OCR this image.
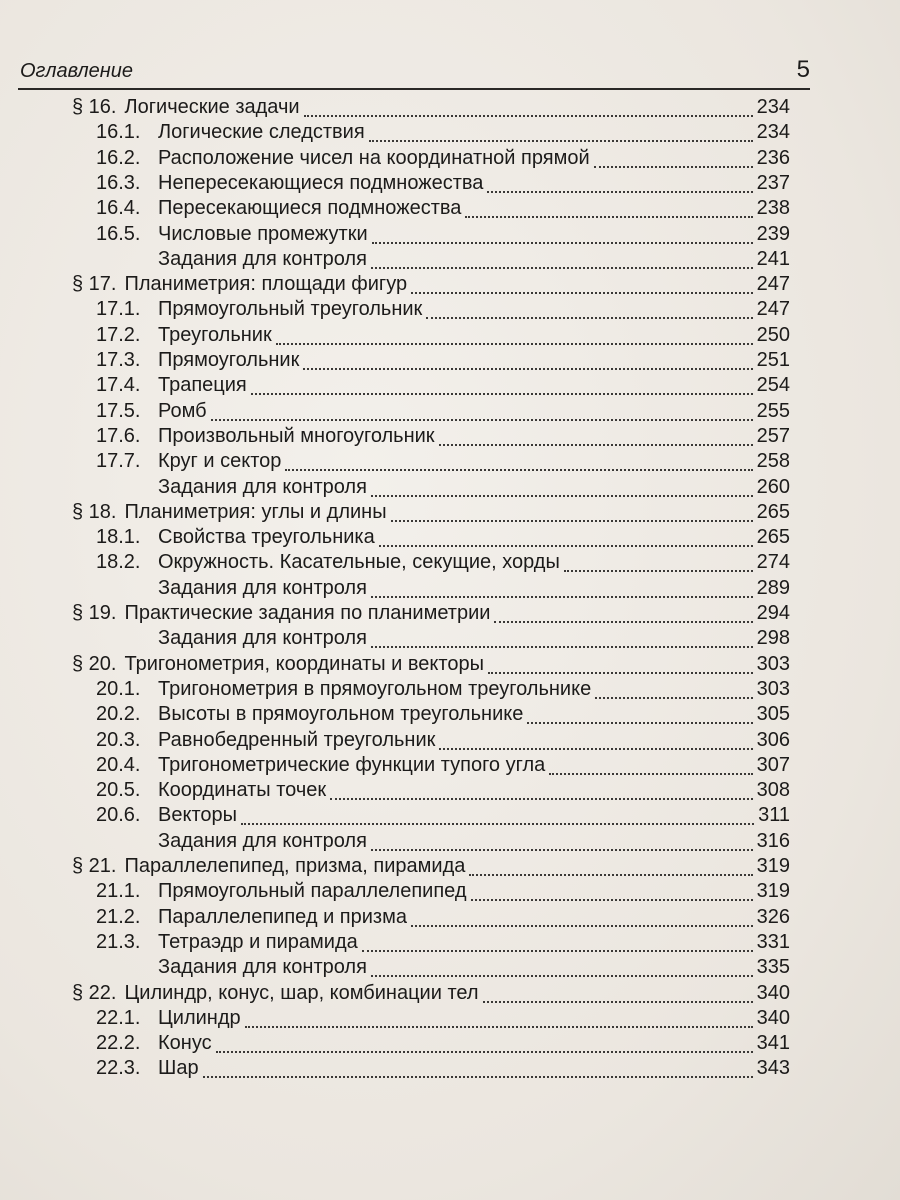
Оглавление	5
§ 16. Логические задачи	234
16.1. Логические следствия	234
16.2. Расположение чисел на координатной прямой	236
16.3. Непересекающиеся подмножества	237
16.4. Пересекающиеся подмножества	238
16.5. Числовые промежутки	239
Задания для контроля	241
§ 17. Планиметрия: площади фигур	247
17.1. Прямоугольный треугольник	247
17.2. Треугольник	250
17.3. Прямоугольник	251
17.4. Трапеция	254
17.5. Ромб	255
17.6. Произвольный многоугольник	257
17.7. Круг и сектор	258
Задания для контроля	260
§ 18. Планиметрия: углы и длины	265
18.1. Свойства треугольника	265
18.2. Окружность. Касательные, секущие, хорды	274
Задания для контроля	289
§ 19. Практические задания по планиметрии	294
Задания для контроля	298
§ 20. Тригонометрия, координаты и векторы	303
20.1. Тригонометрия в прямоугольном треугольнике	303
20.2. Высоты в прямоугольном треугольнике	305
20.3. Равнобедренный треугольник	306
20.4. Тригонометрические функции тупого угла	307
20.5. Координаты точек	308
20.6. Векторы	311
Задания для контроля	316
§ 21. Параллелепипед, призма, пирамида	319
21.1. Прямоугольный параллелепипед	319
21.2. Параллелепипед и призма	326
21.3. Тетраэдр и пирамида	331
Задания для контроля	335
§ 22. Цилиндр, конус, шар, комбинации тел	340
22.1. Цилиндр	340
22.2. Конус	341
22.3. Шар	343
